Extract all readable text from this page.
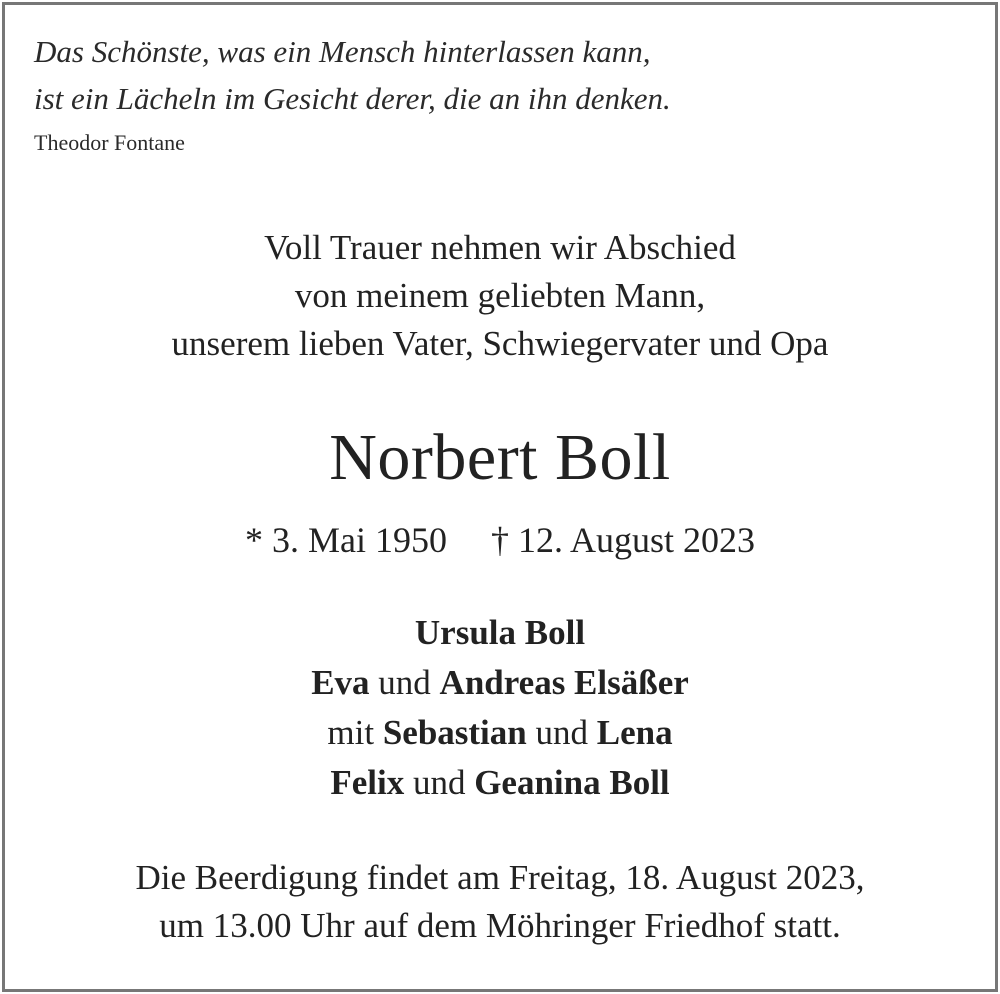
Das Schönste, was ein Mensch hinterlassen kann,
ist ein Lächeln im Gesicht derer, die an ihn denken.
Theodor Fontane
Voll Trauer nehmen wir Abschied
von meinem geliebten Mann,
unserem lieben Vater, Schwiegervater und Opa
Norbert Boll
* 3. Mai 1950 † 12. August 2023
Ursula Boll
Eva und Andreas Elsäßer
mit Sebastian und Lena
Felix und Geanina Boll
Die Beerdigung findet am Freitag, 18. August 2023,
um 13.00 Uhr auf dem Möhringer Friedhof statt.
